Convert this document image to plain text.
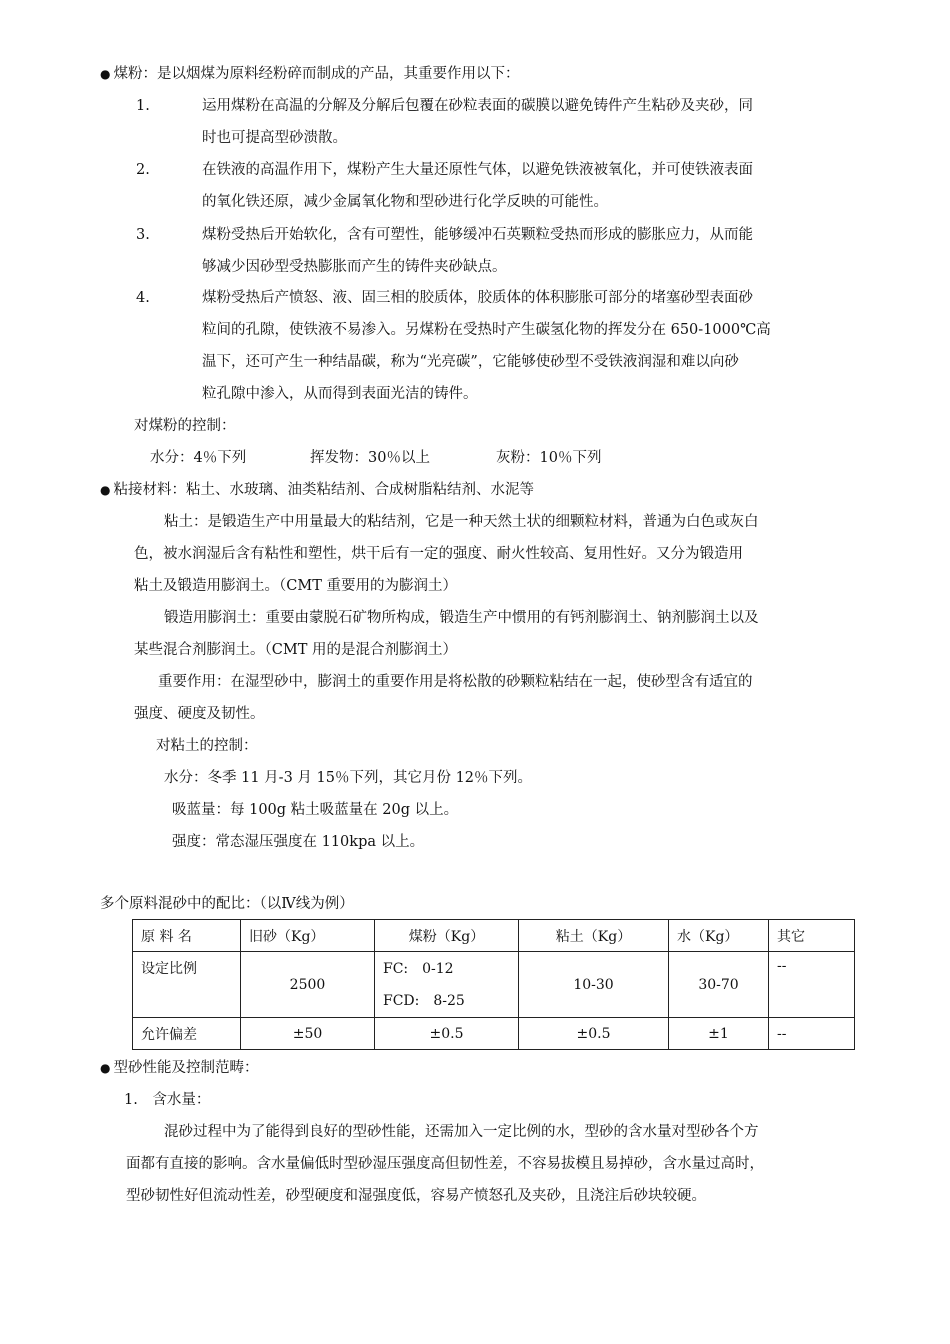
● 煤粉：是以烟煤为原料经粉碎而制成的产品，其重要作用以下：
1.	运用煤粉在高温的分解及分解后包覆在砂粒表面的碳膜以避免铸件产生粘砂及夹砂，同
时也可提高型砂溃散。
2.	在铁液的高温作用下，煤粉产生大量还原性气体，以避免铁液被氧化，并可使铁液表面
的氧化铁还原，减少金属氧化物和型砂进行化学反映的可能性。
3.	煤粉受热后开始软化，含有可塑性，能够缓冲石英颗粒受热而形成的膨胀应力，从而能
够减少因砂型受热膨胀而产生的铸件夹砂缺点。
4.	煤粉受热后产愤怒、液、固三相的胶质体，胶质体的体积膨胀可部分的堵塞砂型表面砂
粒间的孔隙，使铁液不易渗入。另煤粉在受热时产生碳氢化物的挥发分在 650-1000℃高
温下，还可产生一种结晶碳，称为“光亮碳”，它能够使砂型不受铁液润湿和难以向砂
粒孔隙中渗入，从而得到表面光洁的铸件。
对煤粉的控制：
水分：4％下列	挥发物：30％以上	灰粉：10％下列
● 粘接材料：粘土、水玻璃、油类粘结剂、合成树脂粘结剂、水泥等
粘土：是锻造生产中用量最大的粘结剂，它是一种天然土状的细颗粒材料，普通为白色或灰白
色，被水润湿后含有粘性和塑性，烘干后有一定的强度、耐火性较高、复用性好。又分为锻造用
粘土及锻造用膨润土。（CMT 重要用的为膨润土）
锻造用膨润土：重要由蒙脱石矿物所构成，锻造生产中惯用的有钙剂膨润土、钠剂膨润土以及
某些混合剂膨润土。（CMT 用的是混合剂膨润土）
重要作用：在湿型砂中，膨润土的重要作用是将松散的砂颗粒粘结在一起，使砂型含有适宜的
强度、硬度及韧性。
对粘土的控制：
水分：冬季 11 月-3 月 15％下列，其它月份 12％下列。
吸蓝量：每 100g 粘土吸蓝量在 20g 以上。
强度：常态湿压强度在 110kpa 以上。
多个原料混砂中的配比：（以Ⅳ线为例）
原 料 名	旧砂（Kg）	煤粉（Kg）	粘土（Kg）	水（Kg）	其它
设定比例	2500	FC:　0-12
FCD:　8-25	10-30	30-70	--
允许偏差	±50	±0.5	±0.5	±1	--
● 型砂性能及控制范畴：
1.　含水量：
混砂过程中为了能得到良好的型砂性能，还需加入一定比例的水，型砂的含水量对型砂各个方
面都有直接的影响。含水量偏低时型砂湿压强度高但韧性差，不容易拔模且易掉砂，含水量过高时，
型砂韧性好但流动性差，砂型硬度和湿强度低，容易产愤怒孔及夹砂，且浇注后砂块较硬。
